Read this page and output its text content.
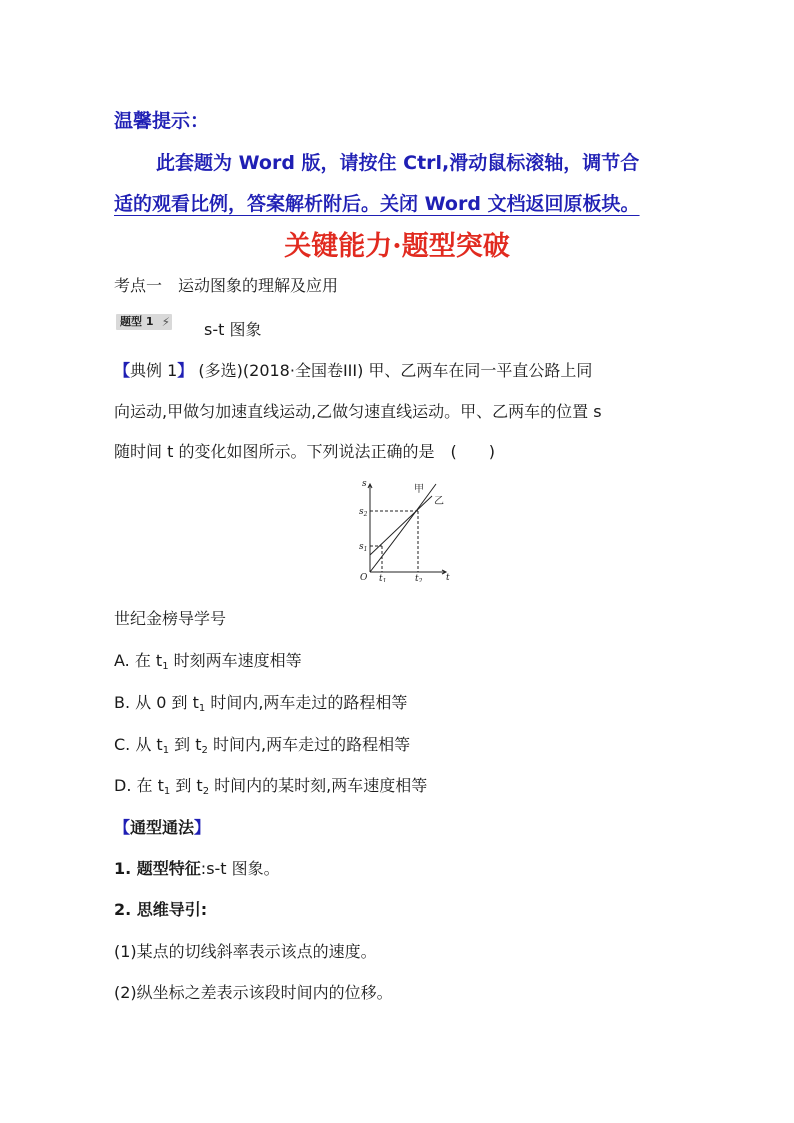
温馨提示：
此套题为 Word 版，请按住 Ctrl,滑动鼠标滚轴，调节合
适的观看比例，答案解析附后。关闭 Word 文档返回原板块。
关键能力·题型突破
考点一　运动图象的理解及应用
题型 1 ⚡ s-t 图象
【典例 1】 (多选)(2018·全国卷III) 甲、乙两车在同一平直公路上同
向运动,甲做匀加速直线运动,乙做匀速直线运动。甲、乙两车的位置 s
随时间 t 的变化如图所示。下列说法正确的是　(　　)
s
t
O
$s_1$
$s_2$
$t_1$	$t_2$
甲
乙
世纪金榜导学号
A. 在 $t_1$ 时刻两车速度相等
B. 从 0 到 $t_1$ 时间内,两车走过的路程相等
C. 从 $t_1$ 到 $t_2$ 时间内,两车走过的路程相等
D. 在 $t_1$ 到 $t_2$ 时间内的某时刻,两车速度相等
【通型通法】
1. 题型特征:s-t 图象。
2. 思维导引:
(1)某点的切线斜率表示该点的速度。
(2)纵坐标之差表示该段时间内的位移。
